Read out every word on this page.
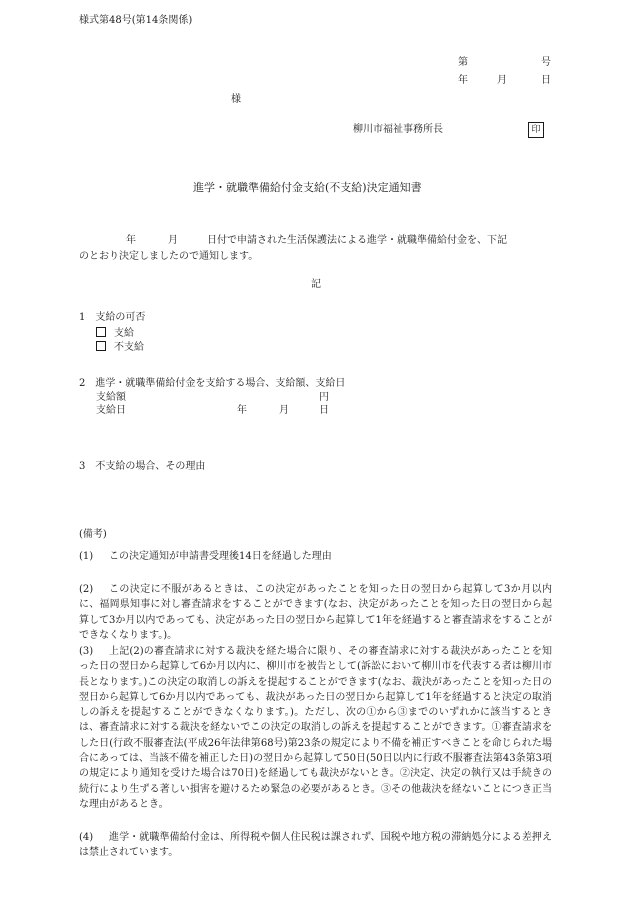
様式第48号(第14条関係)
第	号
年	月	日
様
柳川市福祉事務所長	印
進学・就職準備給付金支給(不支給)決定通知書
年	月	日付で申請された生活保護法による進学・就職準備給付金を、下記
のとおり決定しましたので通知します。
記
1　支給の可否
支給
不支給
2　進学・就職準備給付金を支給する場合、支給額、支給日
支給額	円
支給日	年	月	日
3　不支給の場合、その理由
(備考)
(1) この決定通知が申請書受理後14日を経過した理由
(2)	この決定に不服があるときは、この決定があったことを知った日の翌日から起算して3か月以内に、福岡県知事に対し審査請求をすることができます(なお、決定があったことを知った日の翌日から起算して3か月以内であっても、決定があった日の翌日から起算して1年を経過すると審査請求をすることができなくなります。)。
(3)	上記(2)の審査請求に対する裁決を経た場合に限り、その審査請求に対する裁決があったことを知った日の翌日から起算して6か月以内に、柳川市を被告として(訴訟において柳川市を代表する者は柳川市長となります。)この決定の取消しの訴えを提起することができます(なお、裁決があったことを知った日の翌日から起算して6か月以内であっても、裁決があった日の翌日から起算して1年を経過すると決定の取消しの訴えを提起することができなくなります。)。ただし、次の①から③までのいずれかに該当するときは、審査請求に対する裁決を経ないでこの決定の取消しの訴えを提起することができます。①審査請求をした日(行政不服審査法(平成26年法律第68号)第23条の規定により不備を補正すべきことを命じられた場合にあっては、当該不備を補正した日)の翌日から起算して50日(50日以内に行政不服審査法第43条第3項の規定により通知を受けた場合は70日)を経過しても裁決がないとき。②決定、決定の執行又は手続きの続行により生ずる著しい損害を避けるため緊急の必要があるとき。③その他裁決を経ないことにつき正当な理由があるとき。
(4)	進学・就職準備給付金は、所得税や個人住民税は課されず、国税や地方税の滞納処分による差押えは禁止されています。
